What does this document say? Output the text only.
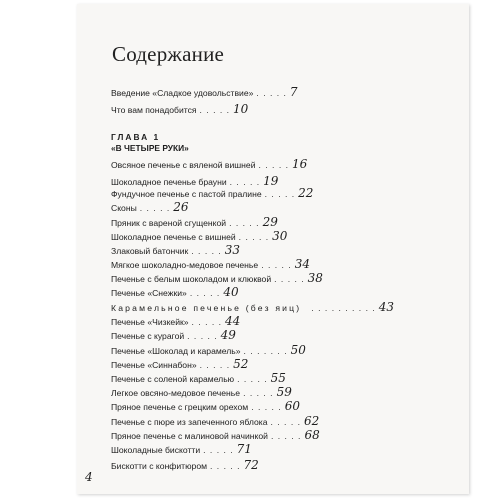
Содержание
Введение «Сладкое удовольствие» . . . . . 7
Что вам понадобится . . . . . 10
ГЛАВА 1
«В ЧЕТЫРЕ РУКИ»
Овсяное печенье с вяленой вишней . . . . . 16
Шоколадное печенье брауни . . . . . 19
Фундучное печенье с пастой пралине . . . . . 22
Сконы . . . . . 26
Пряник с вареной сгущенкой . . . . . 29
Шоколадное печенье с вишней . . . . . 30
Злаковый батончик . . . . . 33
Мягкое шоколадно-медовое печенье . . . . . 34
Печенье с белым шоколадом и клюквой . . . . . 38
Печенье «Снежки» . . . . . 40
Карамельное печенье (без яиц) . . . . . . . . . . 43
Печенье «Чизкейк» . . . . . 44
Печенье с курагой . . . . . 49
Печенье «Шоколад и карамель» . . . . . . . 50
Печенье «Синнабон» . . . . . 52
Печенье с соленой карамелью . . . . . 55
Легкое овсяно-медовое печенье . . . . . 59
Пряное печенье с грецким орехом . . . . . 60
Печенье с пюре из запеченного яблока . . . . . 62
Пряное печенье с малиновой начинкой . . . . . 68
Шоколадные бискотти . . . . . 71
Бискотти с конфитюром . . . . . 72
4
